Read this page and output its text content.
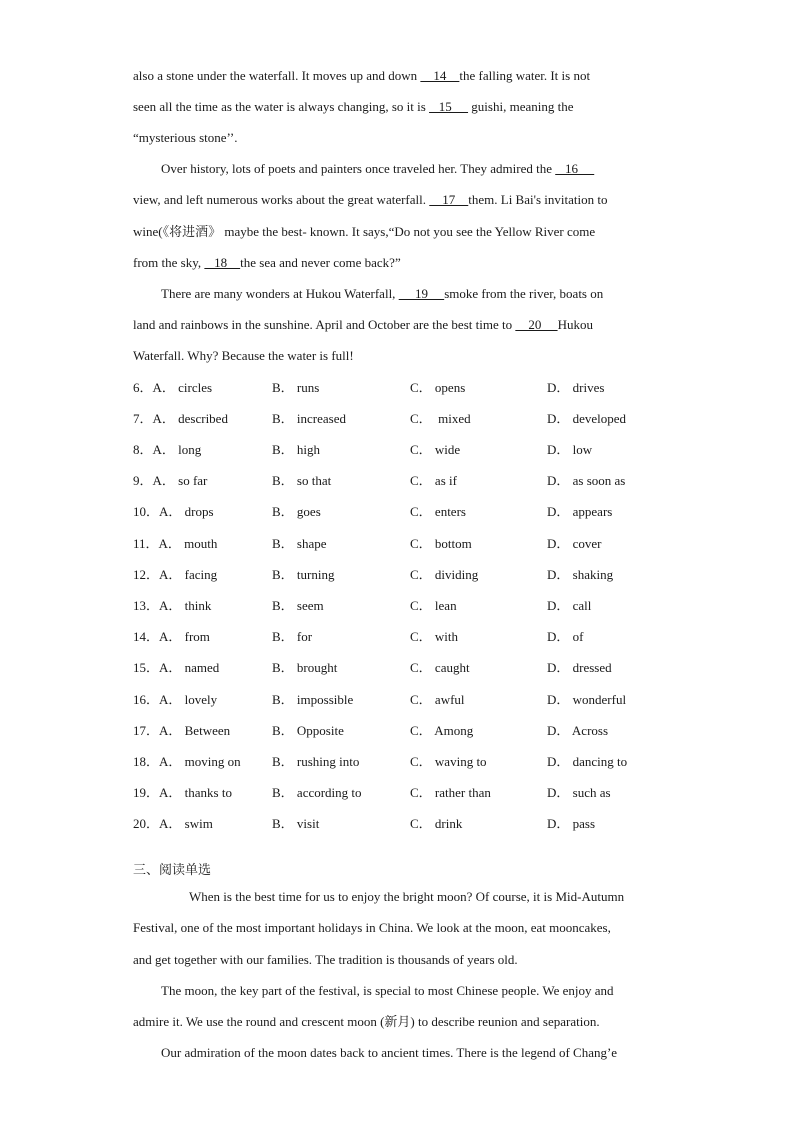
also a stone under the waterfall. It moves up and down     14    the falling water. It is not
seen all the time as the water is always changing, so it is    15      guishi, meaning the
“mysterious stone’’.
Over history, lots of poets and painters once traveled her. They admired the    16
view, and left numerous works about the great waterfall.     17    them. Li Bai's invitation to
wine(《将进酒》 maybe the best- known. It says,“Do not you see the Yellow River come
from the sky,    18    the sea and never come back?”
There are many wonders at Hukou Waterfall,      19     smoke from the river, boats on
land and rainbows in the sunshine. April and October are the best time to     20     Hukou
Waterfall. Why? Because the water is full!
6．A． circles	B． runs	C． opens	D． drives
7．A． described	B． increased	C．  mixed	D． developed
8．A． long	B． high	C． wide	D． low
9．A． so far	B． so that	C． as if	D． as soon as
10．A． drops	B． goes	C． enters	D． appears
11．A． mouth	B． shape	C． bottom	D． cover
12．A． facing	B． turning	C． dividing	D． shaking
13．A． think	B． seem	C． lean	D． call
14．A． from	B． for	C． with	D． of
15．A． named	B． brought	C． caught	D． dressed
16．A． lovely	B． impossible	C． awful	D． wonderful
17．A． Between	B． Opposite	C． Among	D． Across
18．A． moving on B． rushing into	C． waving to	D． dancing to
19．A． thanks to	B． according to	C． rather than	D． such as
20．A． swim	B． visit	C． drink	D． pass
三、阅读单选
When is the best time for us to enjoy the bright moon? Of course, it is Mid-Autumn
Festival, one of the most important holidays in China. We look at the moon, eat mooncakes,
and get together with our families. The tradition is thousands of years old.
The moon, the key part of the festival, is special to most Chinese people. We enjoy and
admire it. We use the round and crescent moon (新月) to describe reunion and separation.
Our admiration of the moon dates back to ancient times. There is the legend of Chang’e
